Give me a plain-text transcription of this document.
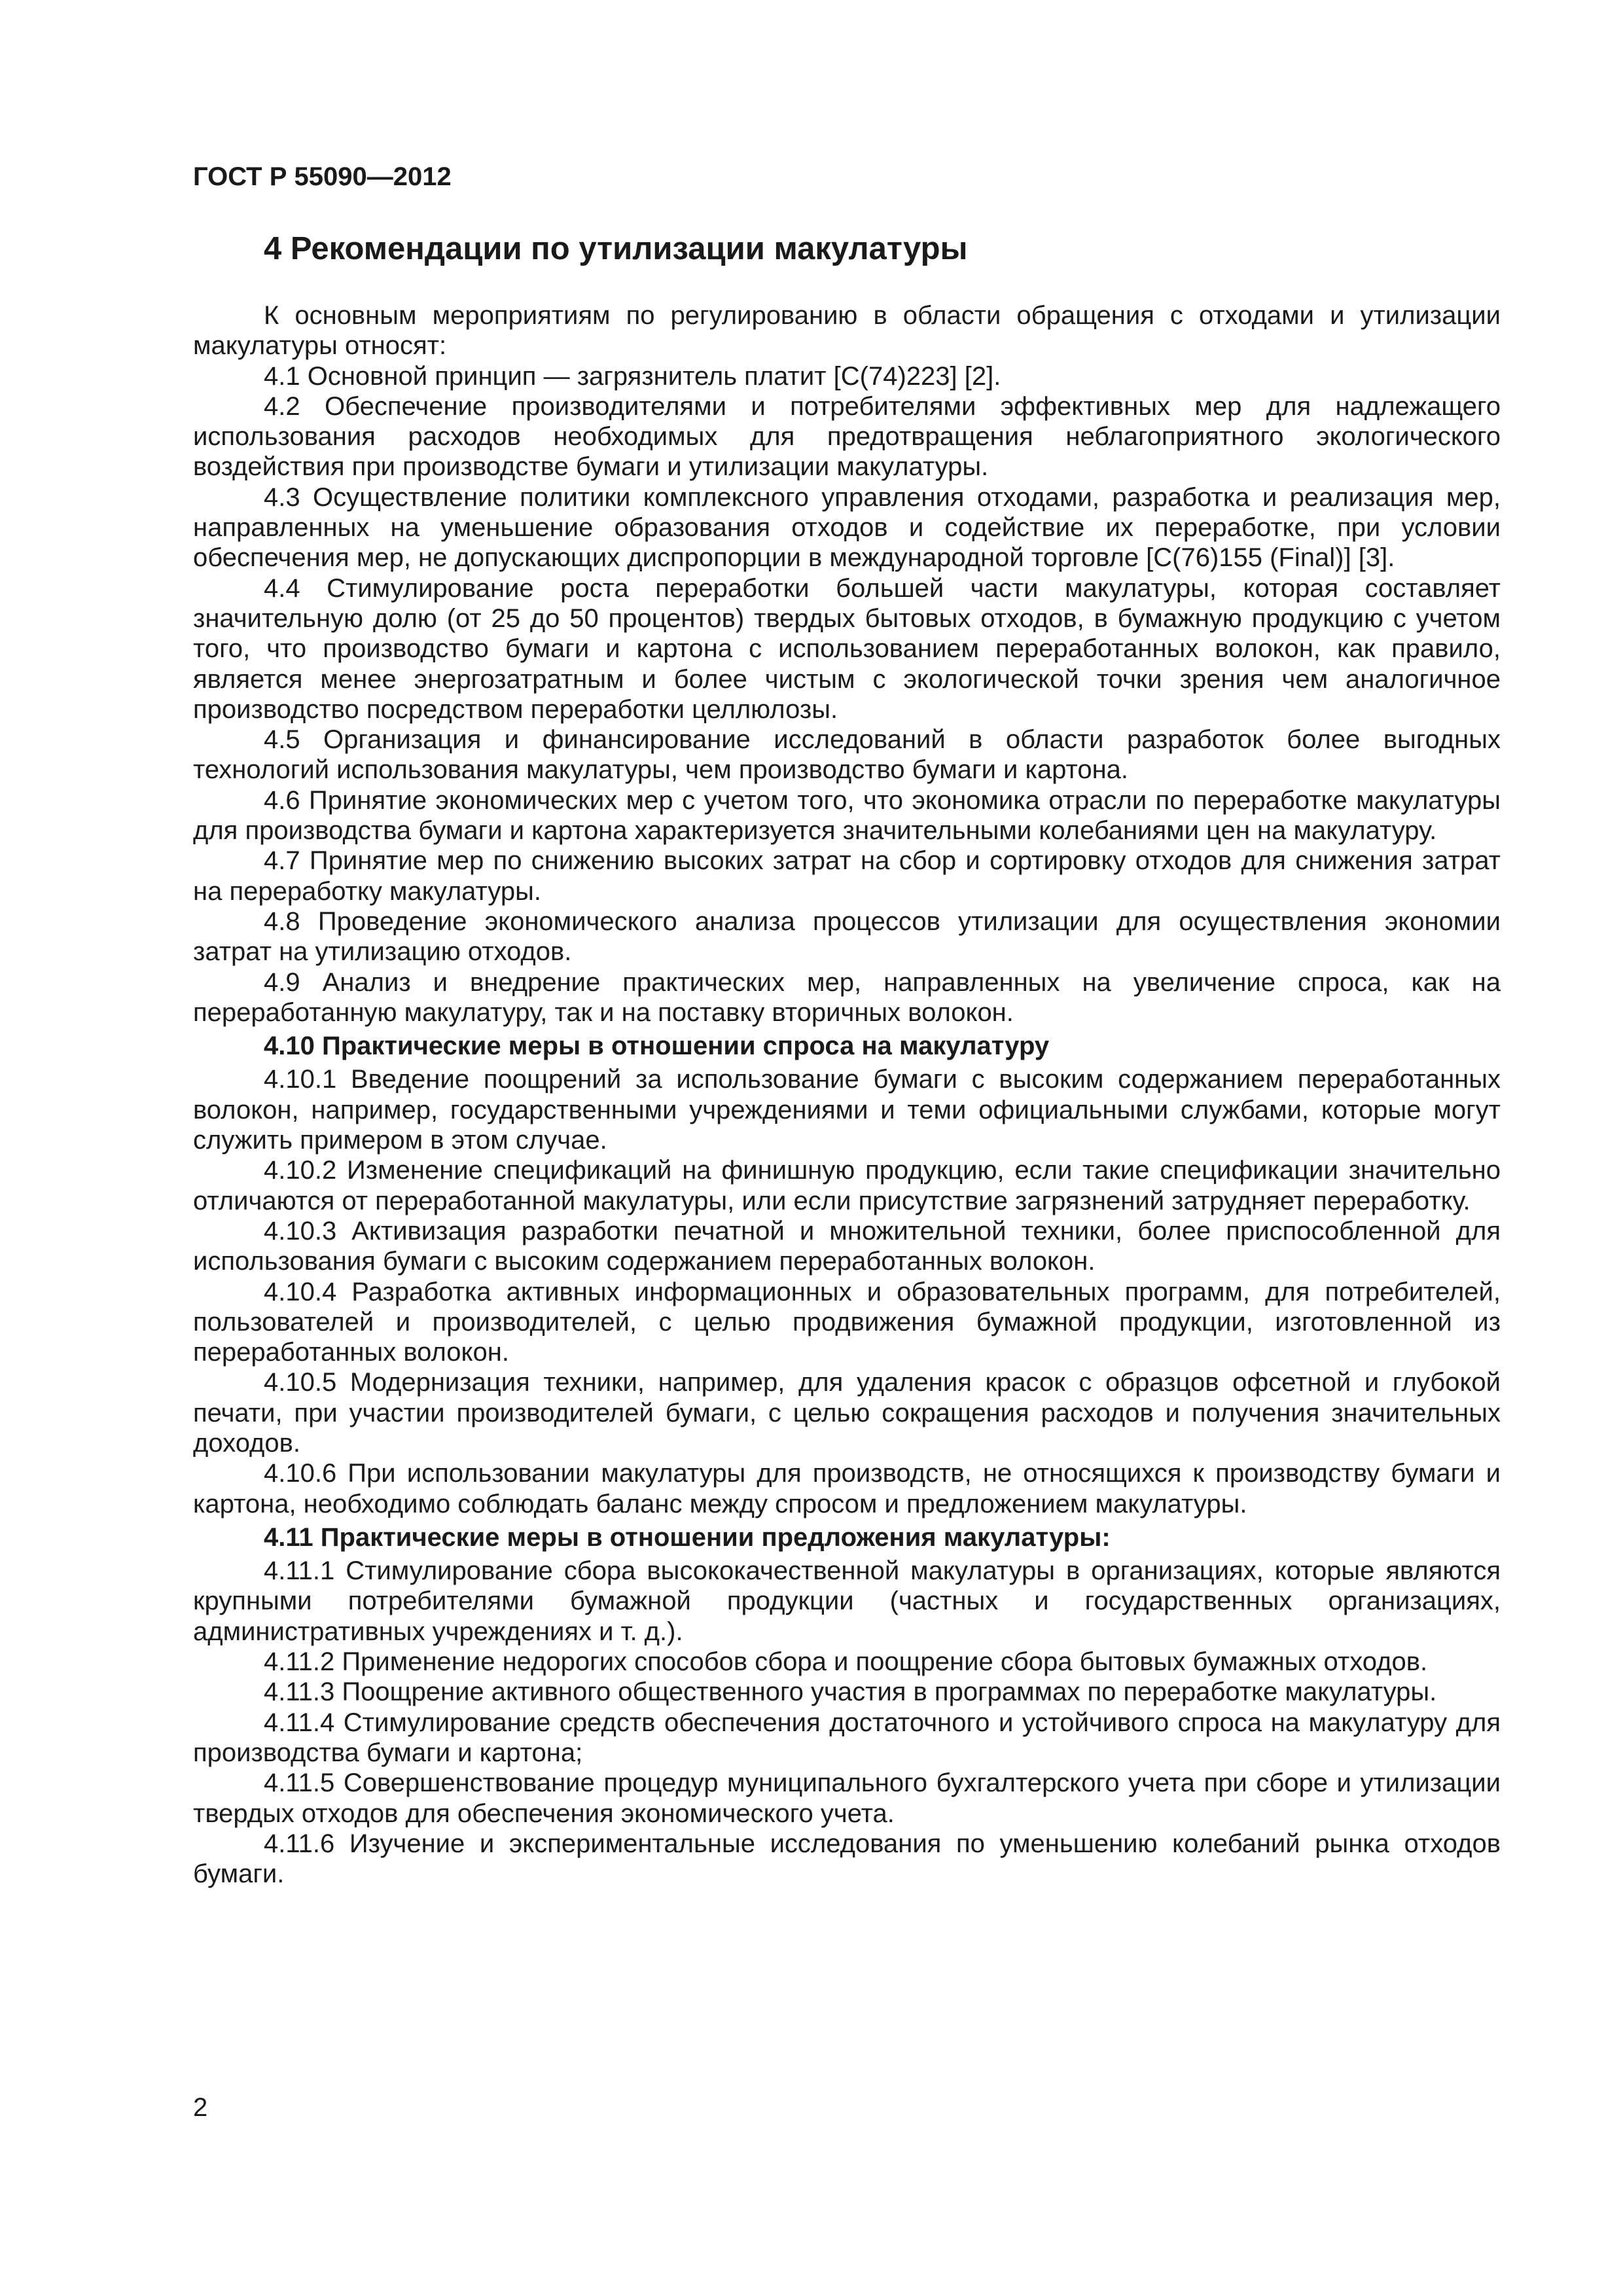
ГОСТ Р 55090—2012

4 Рекомендации по утилизации макулатуры

К основным мероприятиям по регулированию в области обращения с отходами и утилизации макулатуры относят:

4.1 Основной принцип — загрязнитель платит [С(74)223] [2].

4.2 Обеспечение производителями и потребителями эффективных мер для надлежащего использования расходов необходимых для предотвращения неблагоприятного экологического воздействия при производстве бумаги и утилизации макулатуры.

4.3 Осуществление политики комплексного управления отходами, разработка и реализация мер, направленных на уменьшение образования отходов и содействие их переработке, при условии обеспечения мер, не допускающих диспропорции в международной торговле [С(76)155 (Final)] [3].

4.4 Стимулирование роста переработки большей части макулатуры, которая составляет значительную долю (от 25 до 50 процентов) твердых бытовых отходов, в бумажную продукцию с учетом того, что производство бумаги и картона с использованием переработанных волокон, как правило, является менее энергозатратным и более чистым с экологической точки зрения чем аналогичное производство посредством переработки целлюлозы.

4.5 Организация и финансирование исследований в области разработок более выгодных технологий использования макулатуры, чем производство бумаги и картона.

4.6 Принятие экономических мер с учетом того, что экономика отрасли по переработке макулатуры для производства бумаги и картона характеризуется значительными колебаниями цен на макулатуру.

4.7 Принятие мер по снижению высоких затрат на сбор и сортировку отходов для снижения затрат на переработку макулатуры.

4.8 Проведение экономического анализа процессов утилизации для осуществления экономии затрат на утилизацию отходов.

4.9 Анализ и внедрение практических мер, направленных на увеличение спроса, как на переработанную макулатуру, так и на поставку вторичных волокон.

4.10 Практические меры в отношении спроса на макулатуру

4.10.1 Введение поощрений за использование бумаги с высоким содержанием переработанных волокон, например, государственными учреждениями и теми официальными службами, которые могут служить примером в этом случае.

4.10.2 Изменение спецификаций на финишную продукцию, если такие спецификации значительно отличаются от переработанной макулатуры, или если присутствие загрязнений затрудняет переработку.

4.10.3 Активизация разработки печатной и множительной техники, более приспособленной для использования бумаги с высоким содержанием переработанных волокон.

4.10.4 Разработка активных информационных и образовательных программ, для потребителей, пользователей и производителей, с целью продвижения бумажной продукции, изготовленной из переработанных волокон.

4.10.5 Модернизация техники, например, для удаления красок с образцов офсетной и глубокой печати, при участии производителей бумаги, с целью сокращения расходов и получения значительных доходов.

4.10.6 При использовании макулатуры для производств, не относящихся к производству бумаги и картона, необходимо соблюдать баланс между спросом и предложением макулатуры.

4.11 Практические меры в отношении предложения макулатуры:

4.11.1 Стимулирование сбора высококачественной макулатуры в организациях, которые являются крупными потребителями бумажной продукции (частных и государственных организациях, административных учреждениях и т. д.).

4.11.2 Применение недорогих способов сбора и поощрение сбора бытовых бумажных отходов.

4.11.3 Поощрение активного общественного участия в программах по переработке макулатуры.

4.11.4 Стимулирование средств обеспечения достаточного и устойчивого спроса на макулатуру для производства бумаги и картона;

4.11.5 Совершенствование процедур муниципального бухгалтерского учета при сборе и утилизации твердых отходов для обеспечения экономического учета.

4.11.6 Изучение и экспериментальные исследования по уменьшению колебаний рынка отходов бумаги.

2
